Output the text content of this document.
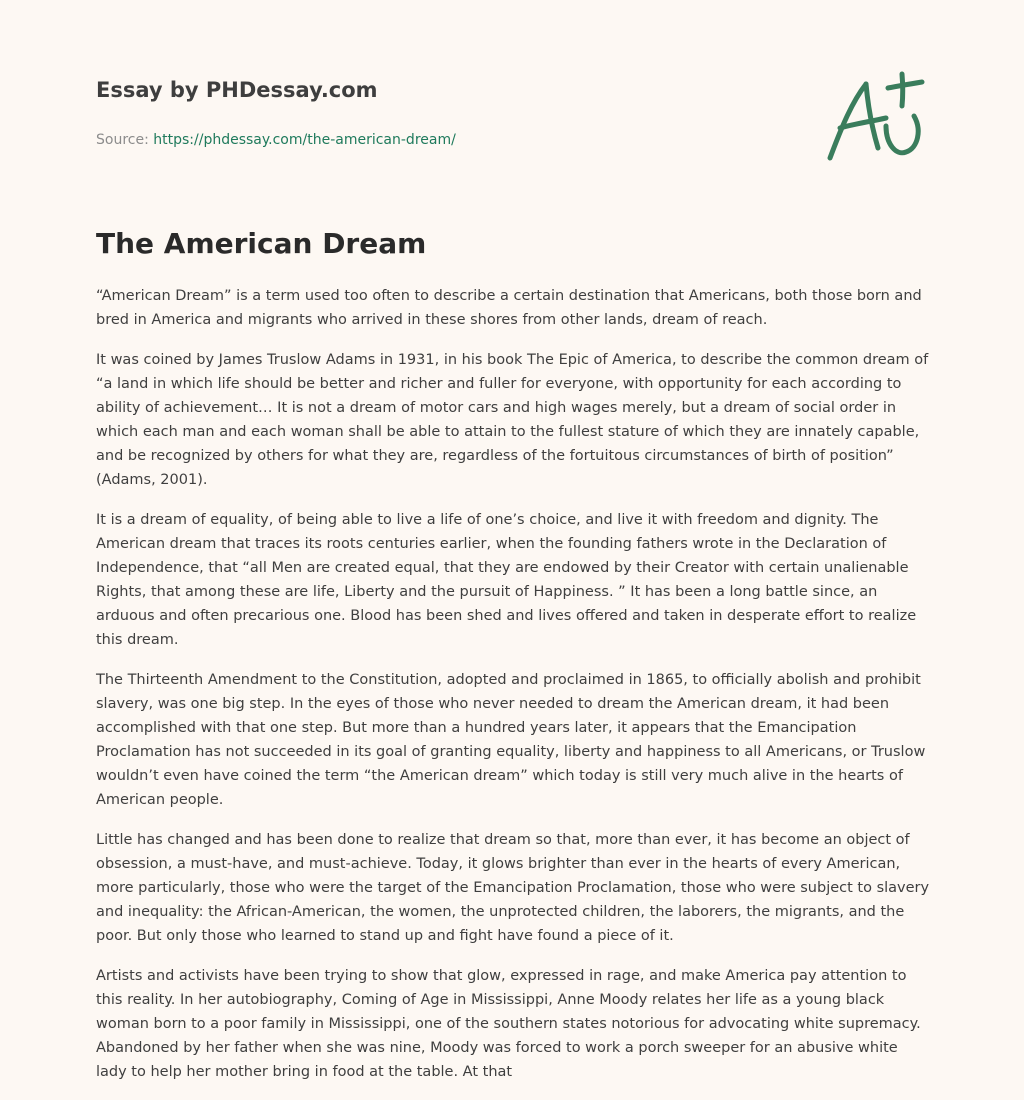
Essay by PHDessay.com
Source: https://phdessay.com/the-american-dream/
The American Dream

“American Dream” is a term used too often to describe a certain destination that Americans, both those born and bred in America and migrants who arrived in these shores from other lands, dream of reach.

It was coined by James Truslow Adams in 1931, in his book The Epic of America, to describe the common dream of “a land in which life should be better and richer and fuller for everyone, with opportunity for each according to ability of achievement… It is not a dream of motor cars and high wages merely, but a dream of social order in which each man and each woman shall be able to attain to the fullest stature of which they are innately capable, and be recognized by others for what they are, regardless of the fortuitous circumstances of birth of position” (Adams, 2001).

It is a dream of equality, of being able to live a life of one’s choice, and live it with freedom and dignity. The American dream that traces its roots centuries earlier, when the founding fathers wrote in the Declaration of Independence, that “all Men are created equal, that they are endowed by their Creator with certain unalienable Rights, that among these are life, Liberty and the pursuit of Happiness. ” It has been a long battle since, an arduous and often precarious one. Blood has been shed and lives offered and taken in desperate effort to realize this dream.

The Thirteenth Amendment to the Constitution, adopted and proclaimed in 1865, to officially abolish and prohibit slavery, was one big step. In the eyes of those who never needed to dream the American dream, it had been accomplished with that one step. But more than a hundred years later, it appears that the Emancipation Proclamation has not succeeded in its goal of granting equality, liberty and happiness to all Americans, or Truslow wouldn’t even have coined the term “the American dream” which today is still very much alive in the hearts of American people.

Little has changed and has been done to realize that dream so that, more than ever, it has become an object of obsession, a must-have, and must-achieve. Today, it glows brighter than ever in the hearts of every American, more particularly, those who were the target of the Emancipation Proclamation, those who were subject to slavery and inequality: the African-American, the women, the unprotected children, the laborers, the migrants, and the poor. But only those who learned to stand up and fight have found a piece of it.

Artists and activists have been trying to show that glow, expressed in rage, and make America pay attention to this reality. In her autobiography, Coming of Age in Mississippi, Anne Moody relates her life as a young black woman born to a poor family in Mississippi, one of the southern states notorious for advocating white supremacy. Abandoned by her father when she was nine, Moody was forced to work a porch sweeper for an abusive white lady to help her mother bring in food at the table. At that
